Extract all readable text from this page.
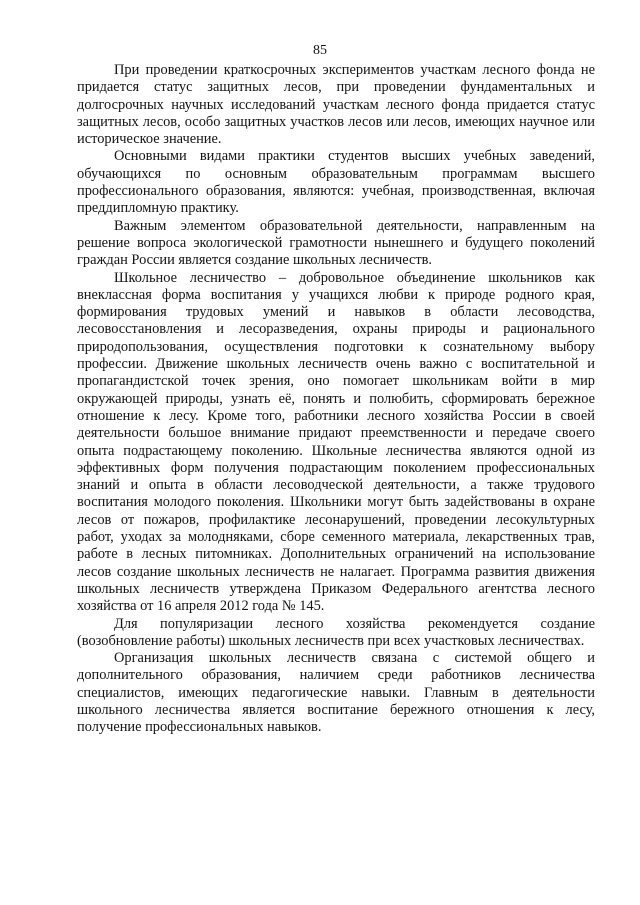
85

При проведении краткосрочных экспериментов участкам лесного фонда не придается статус защитных лесов, при проведении фундаментальных и долгосрочных научных исследований участкам лесного фонда придается статус защитных лесов, особо защитных участков лесов или лесов, имеющих научное или историческое значение.

Основными видами практики студентов высших учебных заведений, обучающихся по основным образовательным программам высшего профессионального образования, являются: учебная, производственная, включая преддипломную практику.

Важным элементом образовательной деятельности, направленным на решение вопроса экологической грамотности нынешнего и будущего поколений граждан России является создание школьных лесничеств.

Школьное лесничество – добровольное объединение школьников как внеклассная форма воспитания у учащихся любви к природе родного края, формирования трудовых умений и навыков в области лесоводства, лесовосстановления и лесоразведения, охраны природы и рационального природопользования, осуществления подготовки к сознательному выбору профессии. Движение школьных лесничеств очень важно с воспитательной и пропагандистской точек зрения, оно помогает школьникам войти в мир окружающей природы, узнать её, понять и полюбить, сформировать бережное отношение к лесу. Кроме того, работники лесного хозяйства России в своей деятельности большое внимание придают преемственности и передаче своего опыта подрастающему поколению. Школьные лесничества являются одной из эффективных форм получения подрастающим поколением профессиональных знаний и опыта в области лесоводческой деятельности, а также трудового воспитания молодого поколения. Школьники могут быть задействованы в охране лесов от пожаров, профилактике лесонарушений, проведении лесокультурных работ, уходах за молодняками, сборе семенного материала, лекарственных трав, работе в лесных питомниках. Дополнительных ограничений на использование лесов создание школьных лесничеств не налагает. Программа развития движения школьных лесничеств утверждена Приказом Федерального агентства лесного хозяйства от 16 апреля 2012 года № 145.

Для популяризации лесного хозяйства рекомендуется создание (возобновление работы) школьных лесничеств при всех участковых лесничествах.

Организация школьных лесничеств связана с системой общего и дополнительного образования, наличием среди работников лесничества специалистов, имеющих педагогические навыки. Главным в деятельности школьного лесничества является воспитание бережного отношения к лесу, получение профессиональных навыков.
